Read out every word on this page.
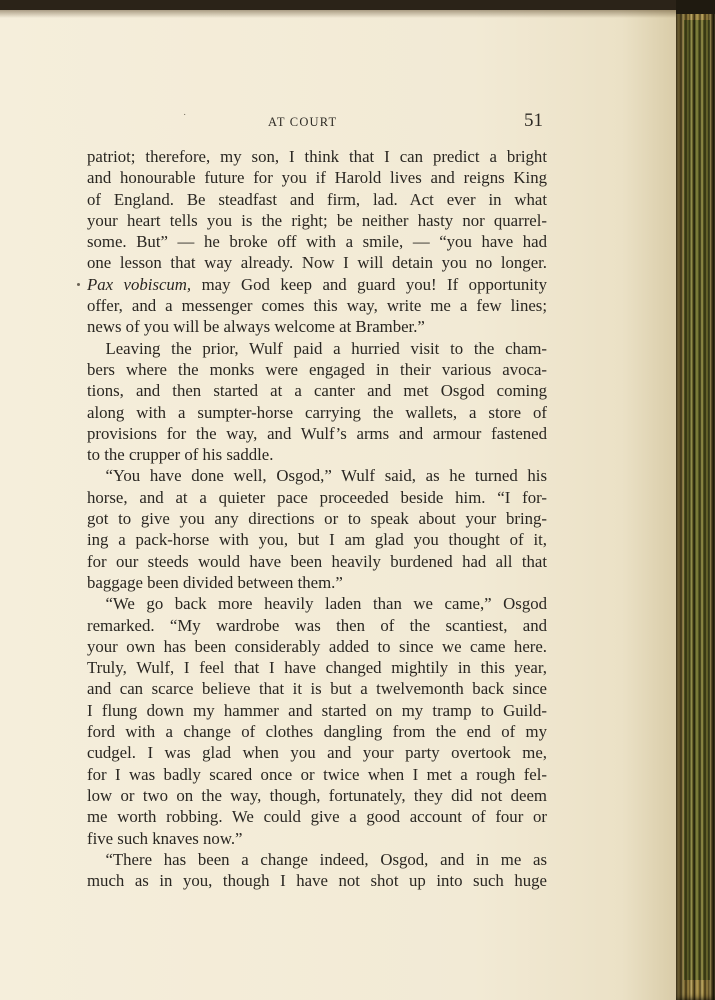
˙	AT COURT	51
patriot; therefore, my son, I think that I can predict a bright
and honourable future for you if Harold lives and reigns King
of England. Be steadfast and firm, lad. Act ever in what
your heart tells you is the right; be neither hasty nor quarrel-
some. But” — he broke off with a smile, — “you have had
one lesson that way already. Now I will detain you no longer.
Pax vobiscum, may God keep and guard you! If opportunity
offer, and a messenger comes this way, write me a few lines;
news of you will be always welcome at Bramber.”
Leaving the prior, Wulf paid a hurried visit to the cham-
bers where the monks were engaged in their various avoca-
tions, and then started at a canter and met Osgod coming
along with a sumpter-horse carrying the wallets, a store of
provisions for the way, and Wulf’s arms and armour fastened
to the crupper of his saddle.
“You have done well, Osgod,” Wulf said, as he turned his
horse, and at a quieter pace proceeded beside him. “I for-
got to give you any directions or to speak about your bring-
ing a pack-horse with you, but I am glad you thought of it,
for our steeds would have been heavily burdened had all that
baggage been divided between them.”
“We go back more heavily laden than we came,” Osgod
remarked. “My wardrobe was then of the scantiest, and
your own has been considerably added to since we came here.
Truly, Wulf, I feel that I have changed mightily in this year,
and can scarce believe that it is but a twelvemonth back since
I flung down my hammer and started on my tramp to Guild-
ford with a change of clothes dangling from the end of my
cudgel. I was glad when you and your party overtook me,
for I was badly scared once or twice when I met a rough fel-
low or two on the way, though, fortunately, they did not deem
me worth robbing. We could give a good account of four or
five such knaves now.”
“There has been a change indeed, Osgod, and in me as
much as in you, though I have not shot up into such huge
